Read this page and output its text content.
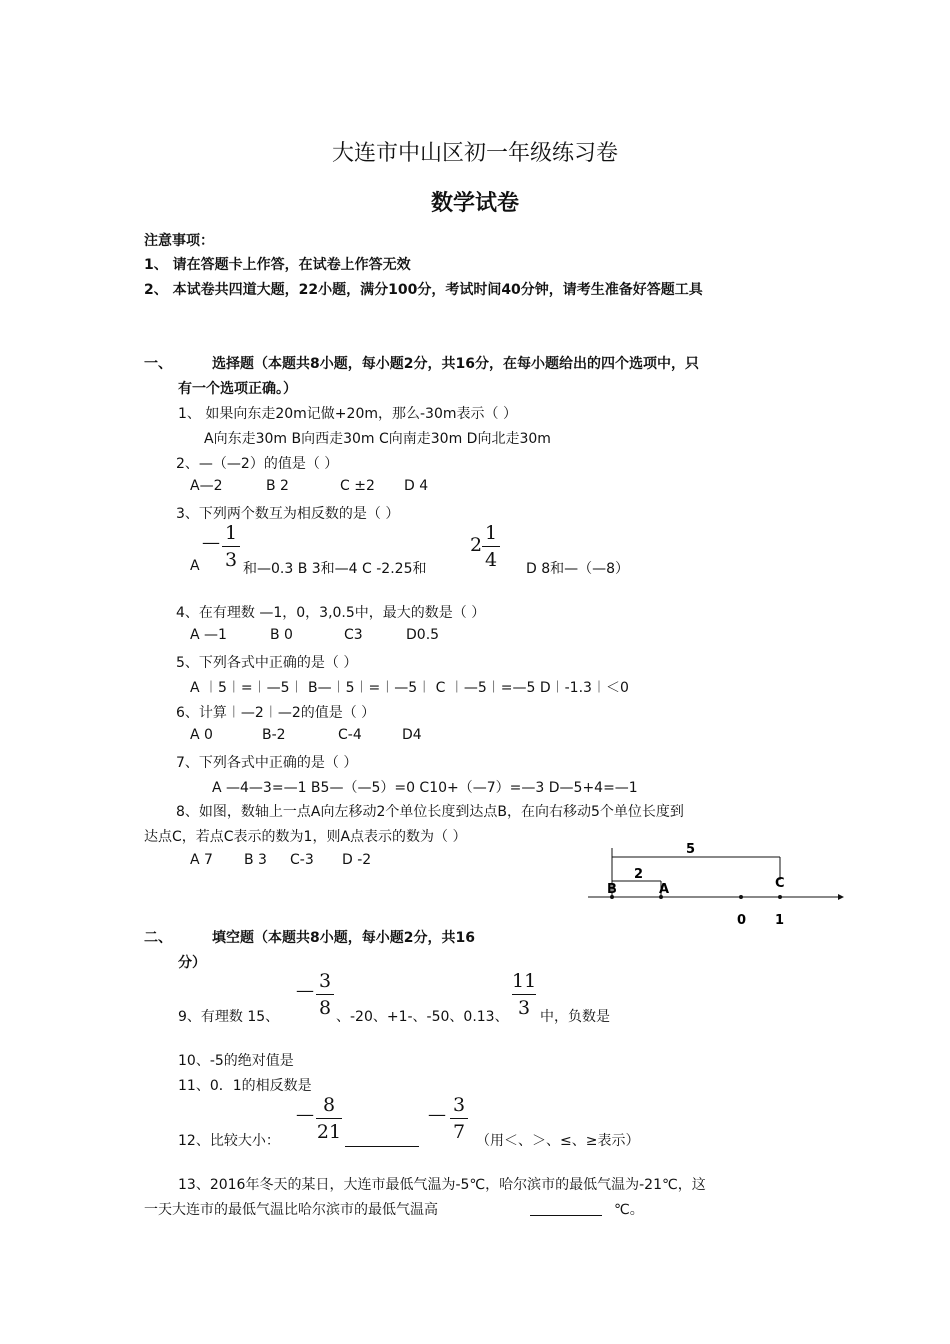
大连市中山区初一年级练习卷
数学试卷
注意事项：
1、 请在答题卡上作答，在试卷上作答无效
2、 本试卷共四道大题，22小题，满分100分，考试时间40分钟，请考生准备好答题工具
一、	选择题（本题共8小题，每小题2分，共16分，在每小题给出的四个选项中，只
有一个选项正确。）
1、 如果向东走20m记做+20m，那么-30m表示（ ）
A向东走30m B向西走30m C向南走30m D向北走30m
2、—（—2）的值是（ ）
A—2	B 2	C ±2 D 4
3、下列两个数互为相反数的是（ ）
A
— 1
3 和—0.3 B 3和—4 C -2.25和
2
1
4 D 8和—（—8）
4、在有理数 —1，0，3,0.5中，最大的数是（ ）
A —1	B 0	C3	D0.5
5、下列各式中正确的是（ ）
A ︱5︱=︱—5︱ B—︱5︱=︱—5︱ C ︱—5︱=—5 D︱-1.3︱＜0
6、计算︱—2︱—2的值是（ ）
A 0	B-2	C-4	D4
7、下列各式中正确的是（ ）
A —4—3=—1 B5—（—5）=0 C10+（—7）=—3 D—5+4=—1
8、如图，数轴上一点A向左移动2个单位长度到达点B，在向右移动5个单位长度到
达点C，若点C表示的数为1，则A点表示的数为（ ）
A 7 B 3 C-3 D -2
5
2
B	A	C
0 1
二、	填空题（本题共8小题，每小题2分，共16
分）
9、有理数 15、
— 3
8 、-20、+1-、-50、0.13、
11
3 中，负数是
10、-5的绝对值是
11、0．1的相反数是
12、比较大小：
— 8
21
— 3
7 （用＜、＞、≤、≥表示）
13、2016年冬天的某日，大连市最低气温为-5℃，哈尔滨市的最低气温为-21℃，这
一天大连市的最低气温比哈尔滨市的最低气温高	℃。
